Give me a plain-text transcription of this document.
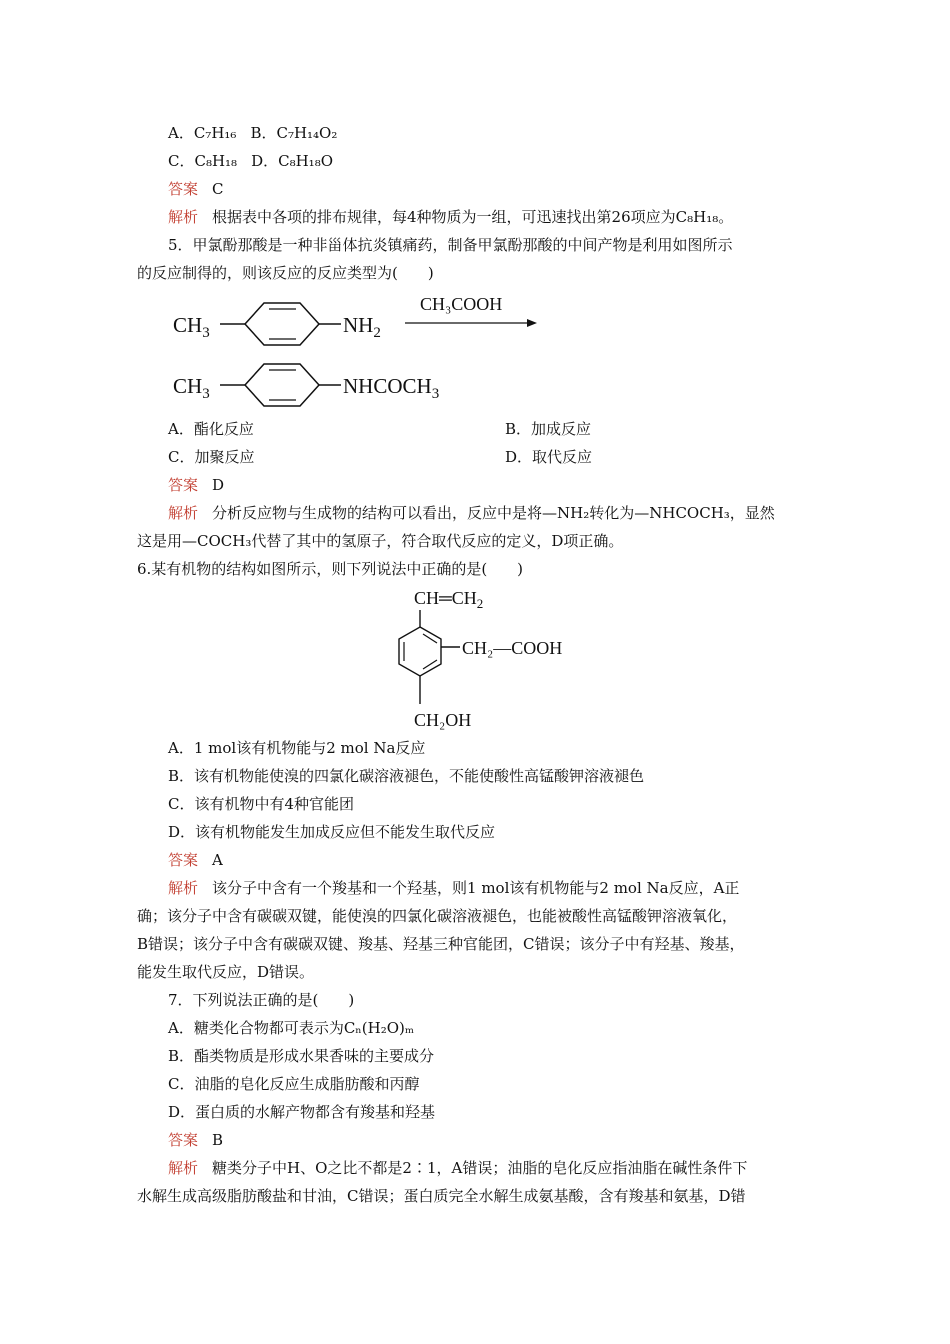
A．C₇H₁₆ B．C₇H₁₄O₂
C．C₈H₁₈ D．C₈H₁₈O
答案 C
解析 根据表中各项的排布规律，每4种物质为一组，可迅速找出第26项应为C₈H₁₈。
5．甲氯酚那酸是一种非甾体抗炎镇痛药，制备甲氯酚那酸的中间产物是利用如图所示
的反应制得的，则该反应的反应类型为(　　)
$CH_3$	$NH_2$
CH₃COOH
$CH_3$	$NHCOCH_3$
A．酯化反应	B．加成反应
C．加聚反应	D．取代反应
答案 D
解析 分析反应物与生成物的结构可以看出，反应中是将—NH₂转化为—NHCOCH₃，显然
这是用—COCH₃代替了其中的氢原子，符合取代反应的定义，D项正确。
6.某有机物的结构如图所示，则下列说法中正确的是(　　)
$CH═CH_2$
CH₂—COOH
CH₂OH
A．1 mol该有机物能与2 mol Na反应
B．该有机物能使溴的四氯化碳溶液褪色，不能使酸性高锰酸钾溶液褪色
C．该有机物中有4种官能团
D．该有机物能发生加成反应但不能发生取代反应
答案 A
解析 该分子中含有一个羧基和一个羟基，则1 mol该有机物能与2 mol Na反应，A正
确；该分子中含有碳碳双键，能使溴的四氯化碳溶液褪色，也能被酸性高锰酸钾溶液氧化，
B错误；该分子中含有碳碳双键、羧基、羟基三种官能团，C错误；该分子中有羟基、羧基，
能发生取代反应，D错误。
7．下列说法正确的是(　　)
A．糖类化合物都可表示为Cₙ(H₂O)ₘ
B．酯类物质是形成水果香味的主要成分
C．油脂的皂化反应生成脂肪酸和丙醇
D．蛋白质的水解产物都含有羧基和羟基
答案 B
解析 糖类分子中H、O之比不都是2∶1，A错误；油脂的皂化反应指油脂在碱性条件下
水解生成高级脂肪酸盐和甘油，C错误；蛋白质完全水解生成氨基酸，含有羧基和氨基，D错
